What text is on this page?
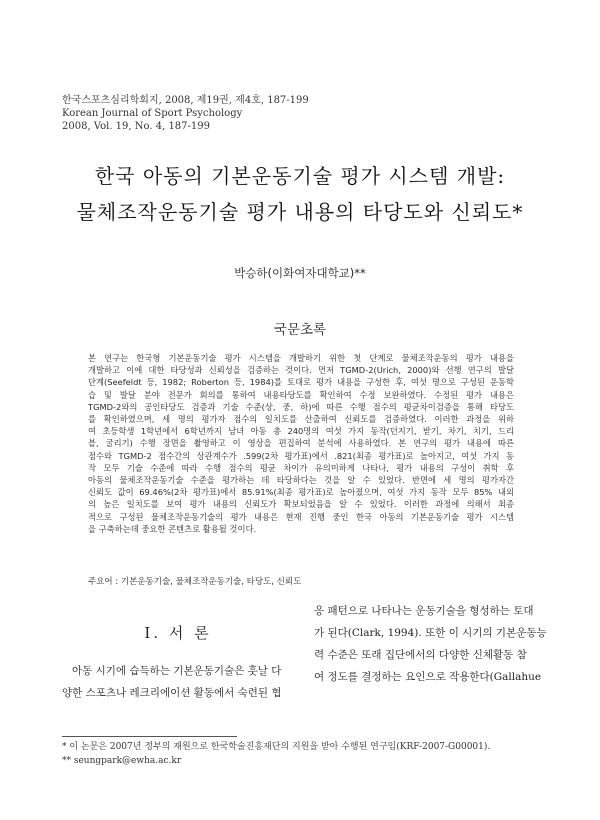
한국스포츠심리학회지, 2008, 제19권, 제4호, 187-199
Korean Journal of Sport Psychology
2008, Vol. 19, No. 4, 187-199
한국 아동의 기본운동기술 평가 시스템 개발:
물체조작운동기술 평가 내용의 타당도와 신뢰도*
박승하(이화여자대학교)**
국문초록
본 연구는 한국형 기본운동기술 평가 시스템을 개발하기 위한 첫 단계로 물체조작운동의 평가 내용을
개발하고 이에 대한 타당성과 신뢰성을 검증하는 것이다. 먼저 TGMD-2(Urich, 2000)와 선행 연구의 발달
단계(Seefeldt 등, 1982; Roberton 등, 1984)를 토대로 평가 내용을 구성한 후, 여섯 명으로 구성된 운동학
습 및 발달 분야 전문가 회의를 통하여 내용타당도를 확인하여 수정 보완하였다. 수정된 평가 내용은
TGMD-2와의 공인타당도 검증과 기술 수준(상, 중, 하)에 따른 수행 점수의 평균차이검증을 통해 타당도
를 확인하였으며, 세 명의 평가자 점수의 일치도를 산출하여 신뢰도를 검증하였다. 이러한 과정을 위하
여 초등학생 1학년에서 6학년까지 남녀 아동 총 240명의 여섯 가지 동작(던지기, 받기, 차기, 치기, 드리
블, 굴리기) 수행 장면을 촬영하고 이 영상을 편집하여 분석에 사용하였다. 본 연구의 평가 내용에 따른
점수와 TGMD-2 점수간의 상관계수가 .599(2차 평가표)에서 .821(최종 평가표)로 높아지고, 여섯 가지 동
작 모두 기술 수준에 따라 수행 점수의 평균 차이가 유의미하게 나타나, 평가 내용의 구성이 취학 후
아동의 물체조작운동기술 수준을 평가하는 데 타당하다는 것을 알 수 있었다. 반면에 세 명의 평가자간
신뢰도 값이 69.46%(2차 평가표)에서 85.91%(최종 평가표)로 높아졌으며, 여섯 가지 동작 모두 85% 내외
의 높은 일치도를 보여 평가 내용의 신뢰도가 확보되었음을 알 수 있었다. 이러한 과정에 의해서 최종
적으로 구성된 물체조작운동기술의 평가 내용은 현재 진행 중인 한국 아동의 기본운동기술 평가 시스템
을 구축하는데 중요한 콘텐츠로 활용될 것이다.
주요어 : 기본운동기술, 물체조작운동기술, 타당도, 신뢰도
I. 서 론
아동 시기에 습득하는 기본운동기술은 훗날 다
양한 스포츠나 레크리에이션 활동에서 숙련된 협
응 패턴으로 나타나는 운동기술을 형성하는 토대
가 된다(Clark, 1994). 또한 이 시기의 기본운동능
력 수준은 또래 집단에서의 다양한 신체활동 참
여 정도를 결정하는 요인으로 작용한다(Gallahue
* 이 논문은 2007년 정부의 재원으로 한국학술진흥재단의 지원을 받아 수행된 연구임(KRF-2007-G00001).
** seungpark@ewha.ac.kr
